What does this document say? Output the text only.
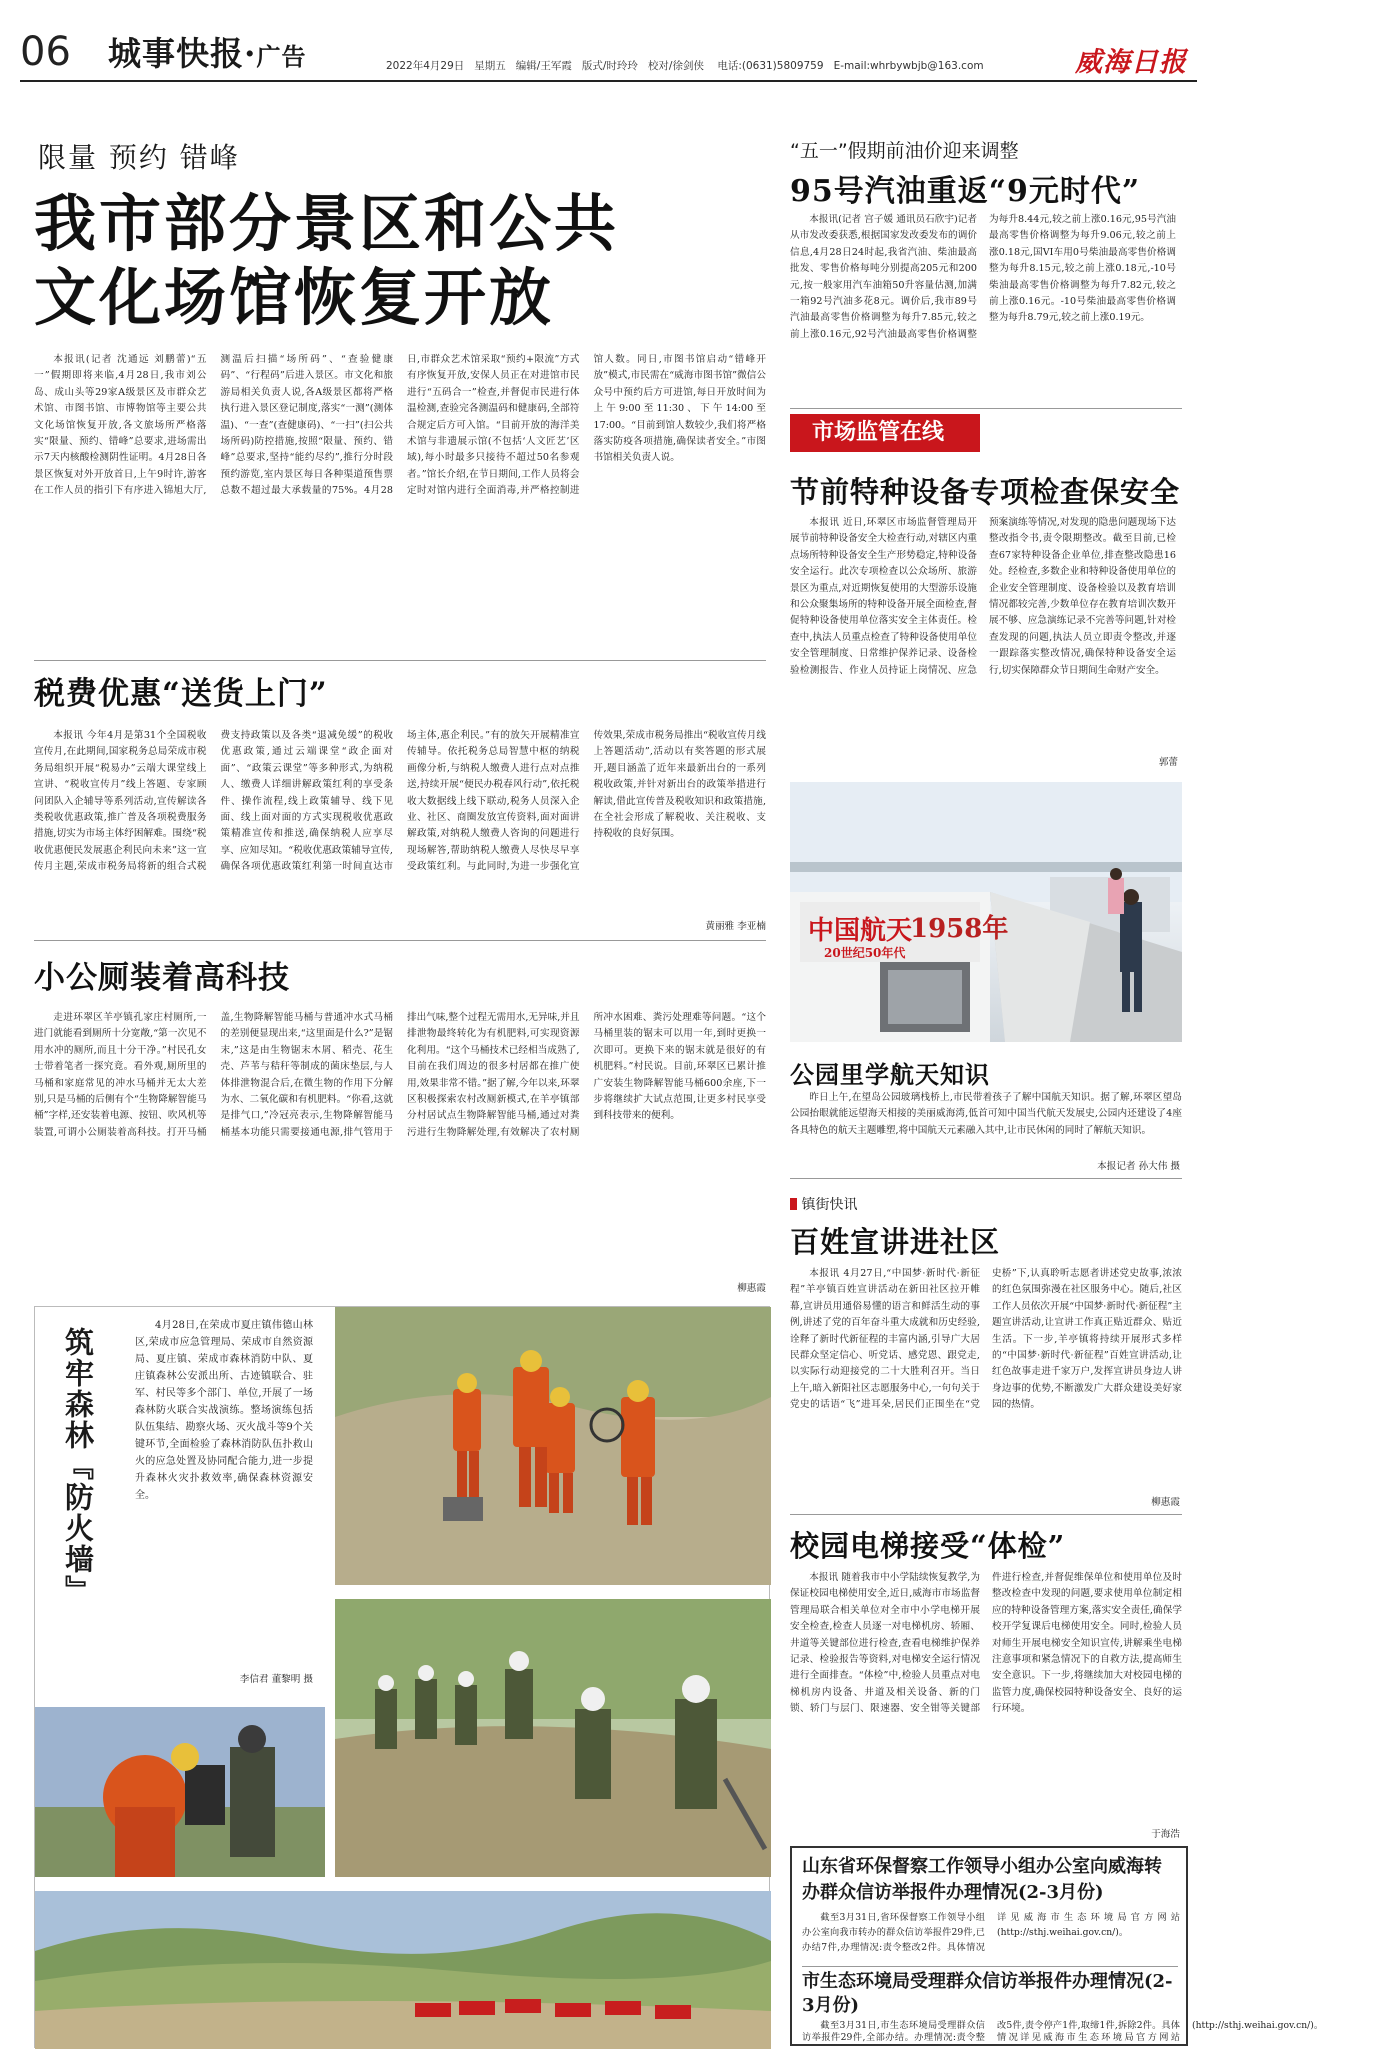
06 城事快报·广告	2022年4月29日 星期五 编辑/王军霞 版式/时玲玲 校对/徐剑侠 电话:(0631)5809759 E-mail:whrbywbjb@163.com	威海日报
限量 预约 错峰
我市部分景区和公共
文化场馆恢复开放

本报讯(记者 沈通远 刘鹏蕾)“五一”假期即将来临,4月28日,我市刘公岛、成山头等29家A级景区及市群众艺术馆、市图书馆、市博物馆等主要公共文化场馆恢复开放,各文旅场所严格落实“限量、预约、错峰”总要求,进场需出示7天内核酸检测阴性证明。4月28日各景区恢复对外开放首日,上午9时许,游客在工作人员的指引下有序进入锦旭大厅,测温后扫描“场所码”、“查验健康码”、“行程码”后进入景区。市文化和旅游局相关负责人说,各A级景区都将严格执行进入景区登记制度,落实“一测”(测体温)、“一查”(查健康码)、“一扫”(扫公共场所码)防控措施,按照“限量、预约、错峰”总要求,坚持“能约尽约”,推行分时段预约游览,室内景区每日各种渠道预售票总数不超过最大承载量的75%。4月28日,市群众艺术馆采取“预约+限流”方式有序恢复开放,安保人员正在对进馆市民进行“五码合一”检查,并督促市民进行体温检测,查验完各测温码和健康码,全部符合规定后方可入馆。“目前开放的海洋美术馆与非遗展示馆(不包括‘人文匠艺’区域),每小时最多只接待不超过50名参观者。”馆长介绍,在节日期间,工作人员将会定时对馆内进行全面消毒,并严格控制进馆人数。同日,市图书馆启动“错峰开放”模式,市民需在“威海市图书馆”微信公众号中预约后方可进馆,每日开放时间为上午9:00至11:30、下午14:00至17:00。“目前到馆人数较少,我们将严格落实防疫各项措施,确保读者安全。”市图书馆相关负责人说。

“五一”假期前油价迎来调整
95号汽油重返“9元时代”

本报讯(记者 宫子媛 通讯员石欣宇)记者从市发改委获悉,根据国家发改委发布的调价信息,4月28日24时起,我省汽油、柴油最高批发、零售价格每吨分别提高205元和200元,按一般家用汽车油箱50升容量估测,加满一箱92号汽油多花8元。调价后,我市89号汽油最高零售价格调整为每升7.85元,较之前上涨0.16元,92号汽油最高零售价格调整为每升8.44元,较之前上涨0.16元,95号汽油最高零售价格调整为每升9.06元,较之前上涨0.18元,国VI车用0号柴油最高零售价格调整为每升8.15元,较之前上涨0.18元,-10号柴油最高零售价格调整为每升7.82元,较之前上涨0.16元。-10号柴油最高零售价格调整为每升8.79元,较之前上涨0.19元。

市场监管在线
节前特种设备专项检查保安全

本报讯 近日,环翠区市场监督管理局开展节前特种设备安全大检查行动,对辖区内重点场所特种设备安全生产形势稳定,特种设备安全运行。此次专项检查以公众场所、旅游景区为重点,对近期恢复使用的大型游乐设施和公众聚集场所的特种设备开展全面检查,督促特种设备使用单位落实安全主体责任。检查中,执法人员重点检查了特种设备使用单位安全管理制度、日常维护保养记录、设备检验检测报告、作业人员持证上岗情况、应急预案演练等情况,对发现的隐患问题现场下达整改指令书,责令限期整改。截至目前,已检查67家特种设备企业单位,排查整改隐患16处。经检查,多数企业和特种设备使用单位的企业安全管理制度、设备检验以及教育培训情况都较完善,少数单位存在教育培训次数开展不够、应急演练记录不完善等问题,针对检查发现的问题,执法人员立即责令整改,并逐一跟踪落实整改情况,确保特种设备安全运行,切实保障群众节日期间生命财产安全。

郭蕾
中国航天
1958年
20世纪50年代
公园里学航天知识

昨日上午,在望岛公园玻璃栈桥上,市民带着孩子了解中国航天知识。据了解,环翠区望岛公园抬眼就能远望海天相接的美丽威海湾,低首可知中国当代航天发展史,公园内还建设了4座各具特色的航天主题雕塑,将中国航天元素融入其中,让市民休闲的同时了解航天知识。

本报记者 孙大伟 摄
税费优惠“送货上门”

本报讯 今年4月是第31个全国税收宣传月,在此期间,国家税务总局荣成市税务局组织开展“税易办”云端大课堂线上宣讲、“税收宣传月”线上答题、专家顾问团队入企辅导等系列活动,宣传解读各类税收优惠政策,推广普及各项税费服务措施,切实为市场主体纾困解难。围绕“税收优惠便民发展惠企利民向未来”这一宣传月主题,荣成市税务局将新的组合式税费支持政策以及各类“退减免缓”的税收优惠政策,通过云端课堂“政企面对面”、“政策云课堂”等多种形式,为纳税人、缴费人详细讲解政策红利的享受条件、操作流程,线上政策辅导、线下见面、线上面对面的方式实现税收优惠政策精准宣传和推送,确保纳税人应享尽享、应知尽知。“税收优惠政策辅导宣传,确保各项优惠政策红利第一时间直达市场主体,惠企利民。”有的放矢开展精准宣传辅导。依托税务总局智慧中枢的纳税画像分析,与纳税人缴费人进行点对点推送,持续开展“便民办税春风行动”,依托税收大数据线上线下联动,税务人员深入企业、社区、商圈发放宣传资料,面对面讲解政策,对纳税人缴费人咨询的问题进行现场解答,帮助纳税人缴费人尽快尽早享受政策红利。与此同时,为进一步强化宣传效果,荣成市税务局推出“税收宣传月线上答题活动”,活动以有奖答题的形式展开,题目涵盖了近年来最新出台的一系列税收政策,并针对新出台的政策举措进行解读,借此宣传普及税收知识和政策措施,在全社会形成了解税收、关注税收、支持税收的良好氛围。

黄丽雅 李亚楠
小公厕装着高科技

走进环翠区羊亭镇孔家庄村厕所,一进门就能看到厕所十分宽敞,“第一次见不用水冲的厕所,而且十分干净。”村民孔女士带着笔者一探究竟。看外观,厕所里的马桶和家庭常见的冲水马桶并无太大差别,只是马桶的后侧有个“生物降解智能马桶”字样,还安装着电源、按钮、吹风机等装置,可谓小公厕装着高科技。打开马桶盖,生物降解智能马桶与普通冲水式马桶的差别便显现出来,“这里面是什么?”是锯末,”这是由生物锯末木屑、稻壳、花生壳、芦苇与秸秆等制成的菌床垫层,与人体排泄物混合后,在微生物的作用下分解为水、二氧化碳和有机肥料。“你看,这就是排气口,”冷冠亮表示,生物降解智能马桶基本功能只需要接通电源,排气管用于排出气味,整个过程无需用水,无异味,并且排泄物最终转化为有机肥料,可实现资源化利用。“这个马桶技术已经相当成熟了,目前在我们周边的很多村居都在推广使用,效果非常不错。”据了解,今年以来,环翠区积极探索农村改厕新模式,在羊亭镇部分村居试点生物降解智能马桶,通过对粪污进行生物降解处理,有效解决了农村厕所冲水困难、粪污处理难等问题。“这个马桶里装的锯末可以用一年,到时更换一次即可。更换下来的锯末就是很好的有机肥料。”村民说。目前,环翠区已累计推广安装生物降解智能马桶600余座,下一步将继续扩大试点范围,让更多村民享受到科技带来的便利。

柳惠霞
筑牢森林『防火墙』

4月28日,在荣成市夏庄镇伟德山林区,荣成市应急管理局、荣成市自然资源局、夏庄镇、荣成市森林消防中队、夏庄镇森林公安派出所、古迹镇联合、驻军、村民等多个部门、单位,开展了一场森林防火联合实战演练。整场演练包括队伍集结、勘察火场、灭火战斗等9个关键环节,全面检验了森林消防队伍扑救山火的应急处置及协同配合能力,进一步提升森林火灾扑救效率,确保森林资源安全。

李信君 董黎明 摄
镇街快讯
百姓宣讲进社区

本报讯 4月27日,“中国梦·新时代·新征程”羊亭镇百姓宣讲活动在新田社区拉开帷幕,宣讲员用通俗易懂的语言和鲜活生动的事例,讲述了党的百年奋斗重大成就和历史经验,诠释了新时代新征程的丰富内涵,引导广大居民群众坚定信心、听党话、感党恩、跟党走,以实际行动迎接党的二十大胜利召开。当日上午,暗入新阳社区志愿服务中心,一句句关于党史的话语“飞”进耳朵,居民们正围坐在“党史桥”下,认真聆听志愿者讲述党史故事,浓浓的红色氛围弥漫在社区服务中心。随后,社区工作人员依次开展“中国梦·新时代·新征程”主题宣讲活动,让宣讲工作真正贴近群众、贴近生活。下一步,羊亭镇将持续开展形式多样的“中国梦·新时代·新征程”百姓宣讲活动,让红色故事走进千家万户,发挥宣讲员身边人讲身边事的优势,不断激发广大群众建设美好家园的热情。

柳惠霞
校园电梯接受“体检”

本报讯 随着我市中小学陆续恢复教学,为保证校园电梯使用安全,近日,威海市市场监督管理局联合相关单位对全市中小学电梯开展安全检查,检查人员逐一对电梯机房、轿厢、井道等关键部位进行检查,查看电梯维护保养记录、检验报告等资料,对电梯安全运行情况进行全面排查。“体检”中,检验人员重点对电梯机房内设备、井道及相关设备、新的门锁、轿门与层门、限速器、安全钳等关键部件进行检查,并督促维保单位和使用单位及时整改检查中发现的问题,要求使用单位制定相应的特种设备管理方案,落实安全责任,确保学校开学复课后电梯使用安全。同时,检验人员对师生开展电梯安全知识宣传,讲解乘坐电梯注意事项和紧急情况下的自救方法,提高师生安全意识。下一步,将继续加大对校园电梯的监管力度,确保校园特种设备安全、良好的运行环境。

于海浩
山东省环保督察工作领导小组办公室向威海转办群众信访举报件办理情况(2-3月份)

截至3月31日,省环保督察工作领导小组办公室向我市转办的群众信访举报件29件,已办结7件,办理情况:责令整改2件。具体情况详见威海市生态环境局官方网站(http://sthj.weihai.gov.cn/)。

市生态环境局受理群众信访举报件办理情况(2-3月份)

截至3月31日,市生态环境局受理群众信访举报件29件,全部办结。办理情况:责令整改5件,责令停产1件,取缔1件,拆除2件。具体情况详见威海市生态环境局官方网站(http://sthj.weihai.gov.cn/)。
